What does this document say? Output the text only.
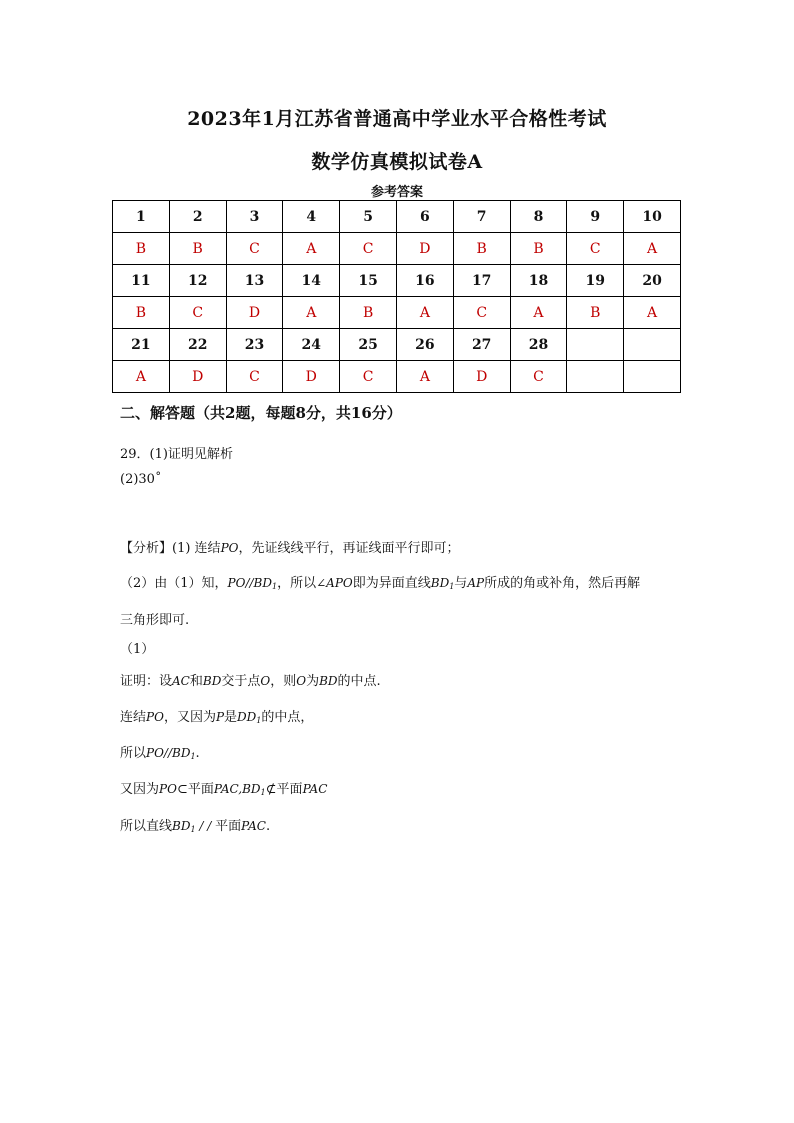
2023年1月江苏省普通高中学业水平合格性考试
数学仿真模拟试卷A
参考答案
1	2	3	4	5	6	7	8	9	10
B	B	C	A	C	D	B	B	C	A
11	12	13	14	15	16	17	18	19	20
B	C	D	A	B	A	C	A	B	A
21	22	23	24	25	26	27	28		
A	D	C	D	C	A	D	C		
二、解答题（共2题，每题8分，共16分）
29．(1)证明见解析
(2)30˚
【分析】(1) 连结PO，先证线线平行，再证线面平行即可；
（2）由（1）知，$PO//BD_1$，所以∠APO即为异面直线$BD_1$与AP所成的角或补角，然后再解
三角形即可.
（1）
证明：设AC和BD交于点O，则O为BD的中点.
连结PO，又因为P是$DD_1$的中点，
所以$PO//BD_1$.
又因为PO⊂平面$PAC,BD_1⊄$平面PAC
所以直线$BD_1$ / / 平面PAC.
